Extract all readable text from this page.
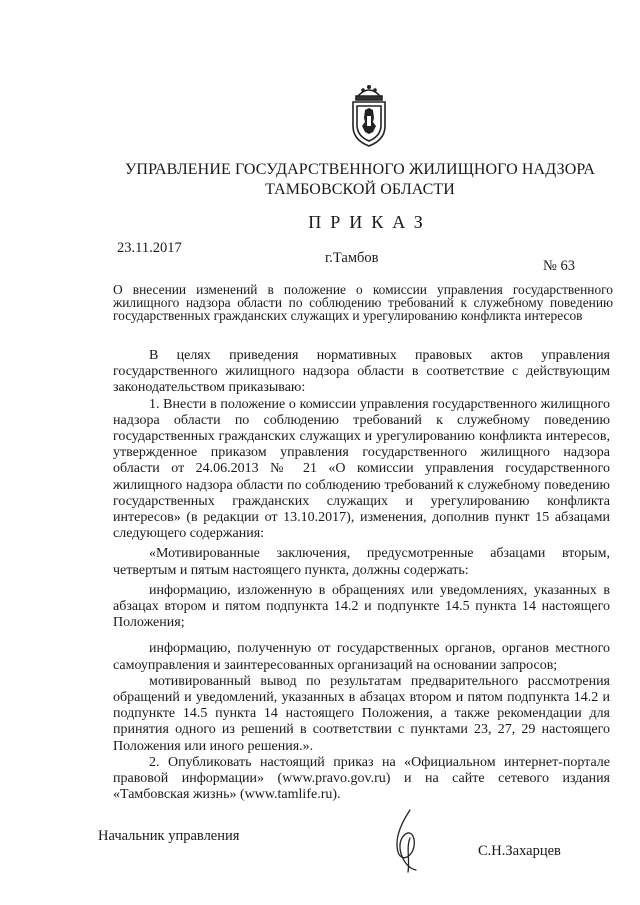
УПРАВЛЕНИЕ ГОСУДАРСТВЕННОГО ЖИЛИЩНОГО НАДЗОРА
ТАМБОВСКОЙ ОБЛАСТИ
ПРИКАЗ
23.11.2017
г.Тамбов	№ 63
О внесении изменений в положение о комиссии управления государственного жилищного надзора области по соблюдению требований к служебному поведению государственных гражданских служащих и урегулированию конфликта интересов

В целях приведения нормативных правовых актов управления государственного жилищного надзора области в соответствие с действующим законодательством приказываю:

1. Внести в положение о комиссии управления государственного жилищного надзора области по соблюдению требований к служебному поведению государственных гражданских служащих и урегулированию конфликта интересов, утвержденное приказом управления государственного жилищного надзора области от 24.06.2013 № 21 «О комиссии управления государственного жилищного надзора области по соблюдению требований к служебному поведению государственных гражданских служащих и урегулированию конфликта интересов» (в редакции от 13.10.2017), изменения, дополнив пункт 15 абзацами следующего содержания:

«Мотивированные заключения, предусмотренные абзацами вторым, четвертым и пятым настоящего пункта, должны содержать:

информацию, изложенную в обращениях или уведомлениях, указанных в абзацах втором и пятом подпункта 14.2 и подпункте 14.5 пункта 14 настоящего Положения;

информацию, полученную от государственных органов, органов местного самоуправления и заинтересованных организаций на основании запросов;

мотивированный вывод по результатам предварительного рассмотрения обращений и уведомлений, указанных в абзацах втором и пятом подпункта 14.2 и подпункте 14.5 пункта 14 настоящего Положения, а также рекомендации для принятия одного из решений в соответствии с пунктами 23, 27, 29 настоящего Положения или иного решения.».

2. Опубликовать настоящий приказ на «Официальном интернет-портале правовой информации» (www.pravo.gov.ru) и на сайте сетевого издания «Тамбовская жизнь» (www.tamlife.ru).

Начальник управления
С.Н.Захарцев
